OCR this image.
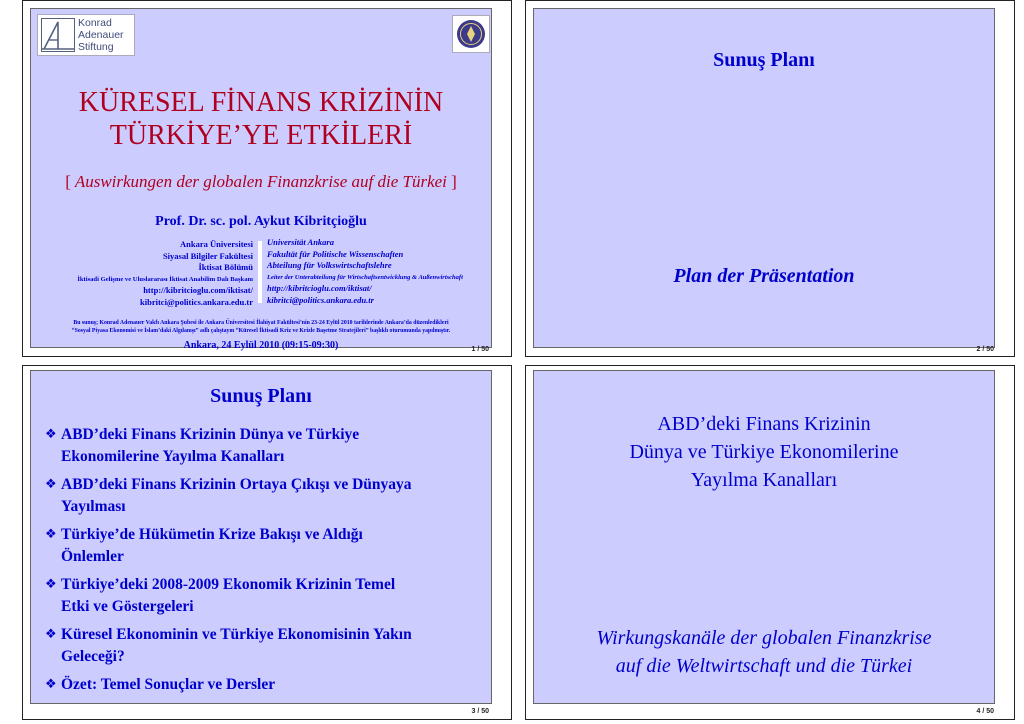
Konrad
Adenauer
Stiftung
KÜRESEL FİNANS KRİZİNİN
TÜRKİYE’YE ETKİLERİ
[ Auswirkungen der globalen Finanzkrise auf die Türkei ]
Prof. Dr. sc. pol. Aykut Kibritçioğlu
Ankara Üniversitesi
Siyasal Bilgiler Fakültesi
İktisat Bölümü
İktisadi Gelişme ve Uluslararası İktisat Anabilim Dalı Başkanı
http://kibritcioglu.com/iktisat/
kibritci@politics.ankara.edu.tr
Universität Ankara
Fakultät für Politische Wissenschaften
Abteilung für Volkswirtschaftslehre
Leiter der Unterabteilung für Wirtschaftsentwicklung & Außenwirtschaft
http://kibritcioglu.com/iktisat/
kibritci@politics.ankara.edu.tr
Bu sunuş; Konrad Adenauer Vakfı Ankara Şubesi ile Ankara Üniversitesi İlahiyat Fakültesi’nin 23-24 Eylül 2010 tarihlerinde Ankara’da düzenledikleri
“Sosyal Piyasa Ekonomisi ve İslam’daki Algılanışı” adlı çalıştayın “Küresel İktisadi Kriz ve Krizle Başetme Stratejileri” başlıklı oturumunda yapılmıştır.
Ankara, 24 Eylül 2010 (09:15-09:30)	1 / 50
Sunuş Planı
Plan der Präsentation
2 / 50
Sunuş Planı
❖ ABD’deki Finans Krizinin Dünya ve Türkiye
Ekonomilerine Yayılma Kanalları
❖ ABD’deki Finans Krizinin Ortaya Çıkışı ve Dünyaya
Yayılması
❖ Türkiye’de Hükümetin Krize Bakışı ve Aldığı
Önlemler
❖ Türkiye’deki 2008-2009 Ekonomik Krizinin Temel
Etki ve Göstergeleri
❖ Küresel Ekonominin ve Türkiye Ekonomisinin Yakın
Geleceği?
❖ Özet: Temel Sonuçlar ve Dersler
3 / 50
ABD’deki Finans Krizinin
Dünya ve Türkiye Ekonomilerine
Yayılma Kanalları
Wirkungskanäle der globalen Finanzkrise
auf die Weltwirtschaft und die Türkei
4 / 50
